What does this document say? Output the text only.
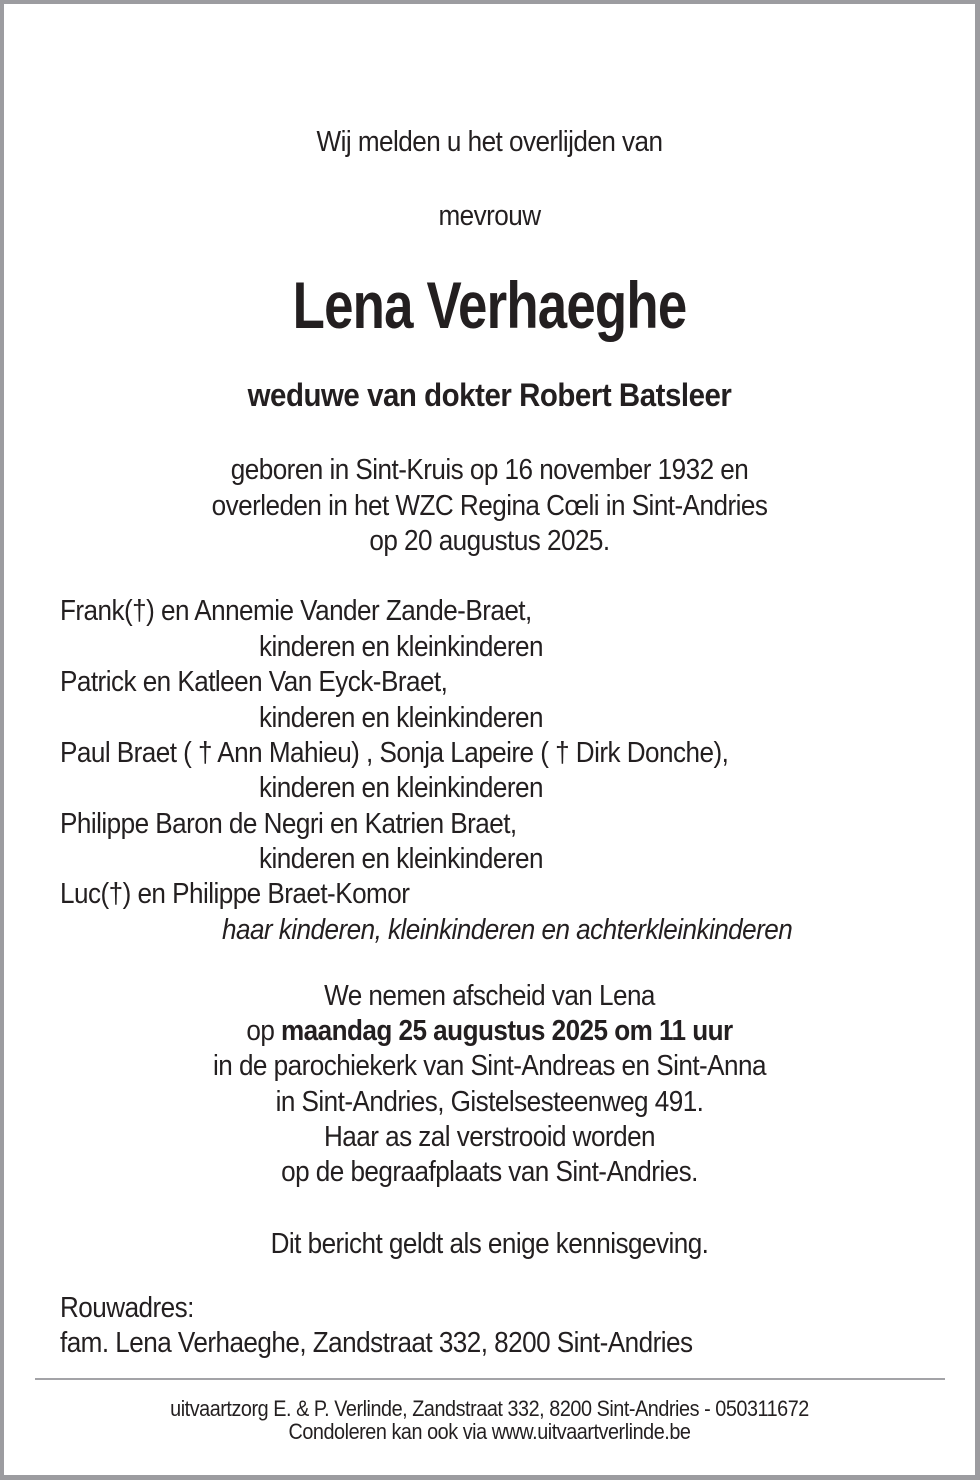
Wij melden u het overlijden van
mevrouw
Lena Verhaeghe
weduwe van dokter Robert Batsleer
geboren in Sint-Kruis op 16 november 1932 en
overleden in het WZC Regina Cœli in Sint-Andries
op 20 augustus 2025.
Frank(†) en Annemie Vander Zande-Braet,
kinderen en kleinkinderen
Patrick en Katleen Van Eyck-Braet,
kinderen en kleinkinderen
Paul Braet ( † Ann Mahieu) , Sonja Lapeire ( † Dirk Donche),
kinderen en kleinkinderen
Philippe Baron de Negri en Katrien Braet,
kinderen en kleinkinderen
Luc(†) en Philippe Braet-Komor
haar kinderen, kleinkinderen en achterkleinkinderen
We nemen afscheid van Lena
op maandag 25 augustus 2025 om 11 uur
in de parochiekerk van Sint-Andreas en Sint-Anna
in Sint-Andries, Gistelsesteenweg 491.
Haar as zal verstrooid worden
op de begraafplaats van Sint-Andries.
Dit bericht geldt als enige kennisgeving.
Rouwadres:
fam. Lena Verhaeghe, Zandstraat 332, 8200 Sint-Andries
uitvaartzorg E. & P. Verlinde, Zandstraat 332, 8200 Sint-Andries - 050311672
Condoleren kan ook via www.uitvaartverlinde.be
